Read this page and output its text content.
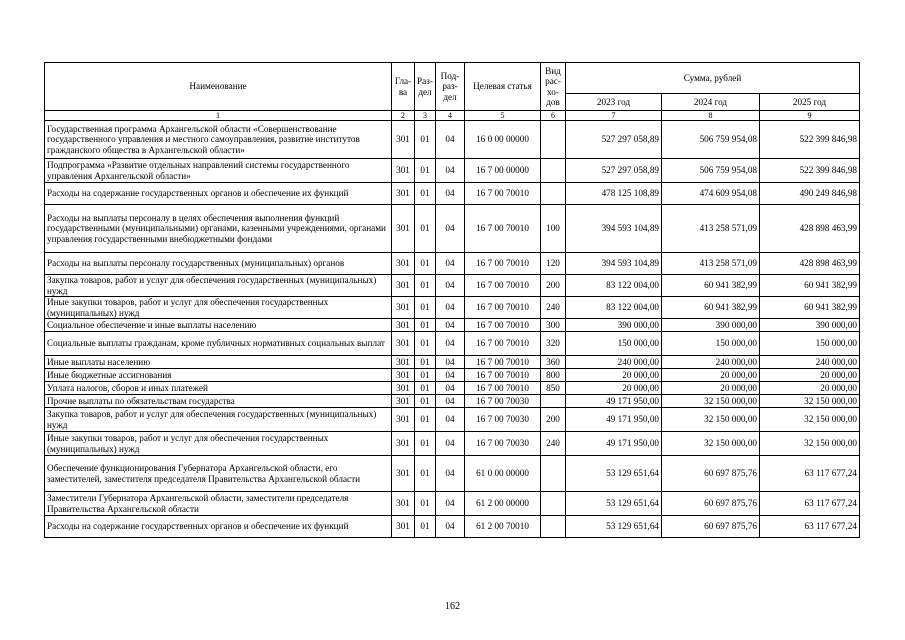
Наименование	Гла-ва	Раз-дел	Под-раз-дел	Целевая статья	Вид рас-хо-дов	Сумма, рублей		
						2023 год	2024 год	2025 год
1	2	3	4	5	6	7	8	9
Государственная программа Архангельской области «Совершенствование государственного управления и местного самоуправления, развитие институтов гражданского общества в Архангельской области»	301	01	04	16 0 00 00000		527 297 058,89	506 759 954,08	522 399 846,98
Подпрограмма «Развитие отдельных направлений системы государственного управления Архангельской области»	301	01	04	16 7 00 00000		527 297 058,89	506 759 954,08	522 399 846,98
Расходы на содержание государственных органов и обеспечение их функций	301	01	04	16 7 00 70010		478 125 108,89	474 609 954,08	490 249 846,98
Расходы на выплаты персоналу в целях обеспечения выполнения функций государственными (муниципальными) органами, казенными учреждениями, органами управления государственными внебюджетными фондами	301	01	04	16 7 00 70010	100	394 593 104,89	413 258 571,09	428 898 463,99
Расходы на выплаты персоналу государственных (муниципальных) органов	301	01	04	16 7 00 70010	120	394 593 104,89	413 258 571,09	428 898 463,99
Закупка товаров, работ и услуг для обеспечения государственных (муниципальных) нужд	301	01	04	16 7 00 70010	200	83 122 004,00	60 941 382,99	60 941 382,99
Иные закупки товаров, работ и услуг для обеспечения государственных (муниципальных) нужд	301	01	04	16 7 00 70010	240	83 122 004,00	60 941 382,99	60 941 382,99
Социальное обеспечение и иные выплаты населению	301	01	04	16 7 00 70010	300	390 000,00	390 000,00	390 000,00
Социальные выплаты гражданам, кроме публичных нормативных социальных выплат	301	01	04	16 7 00 70010	320	150 000,00	150 000,00	150 000,00
Иные выплаты населению	301	01	04	16 7 00 70010	360	240 000,00	240 000,00	240 000,00
Иные бюджетные ассигнования	301	01	04	16 7 00 70010	800	20 000,00	20 000,00	20 000,00
Уплата налогов, сборов и иных платежей	301	01	04	16 7 00 70010	850	20 000,00	20 000,00	20 000,00
Прочие выплаты по обязательствам государства	301	01	04	16 7 00 70030		49 171 950,00	32 150 000,00	32 150 000,00
Закупка товаров, работ и услуг для обеспечения государственных (муниципальных) нужд	301	01	04	16 7 00 70030	200	49 171 950,00	32 150 000,00	32 150 000,00
Иные закупки товаров, работ и услуг для обеспечения государственных (муниципальных) нужд	301	01	04	16 7 00 70030	240	49 171 950,00	32 150 000,00	32 150 000,00
Обеспечение функционирования Губернатора Архангельской области, его заместителей, заместителя председателя Правительства Архангельской области	301	01	04	61 0 00 00000		53 129 651,64	60 697 875,76	63 117 677,24
Заместители Губернатора Архангельской области, заместители председателя Правительства Архангельской области	301	01	04	61 2 00 00000		53 129 651,64	60 697 875,76	63 117 677,24
Расходы на содержание государственных органов и обеспечение их функций	301	01	04	61 2 00 70010		53 129 651,64	60 697 875,76	63 117 677,24
162
